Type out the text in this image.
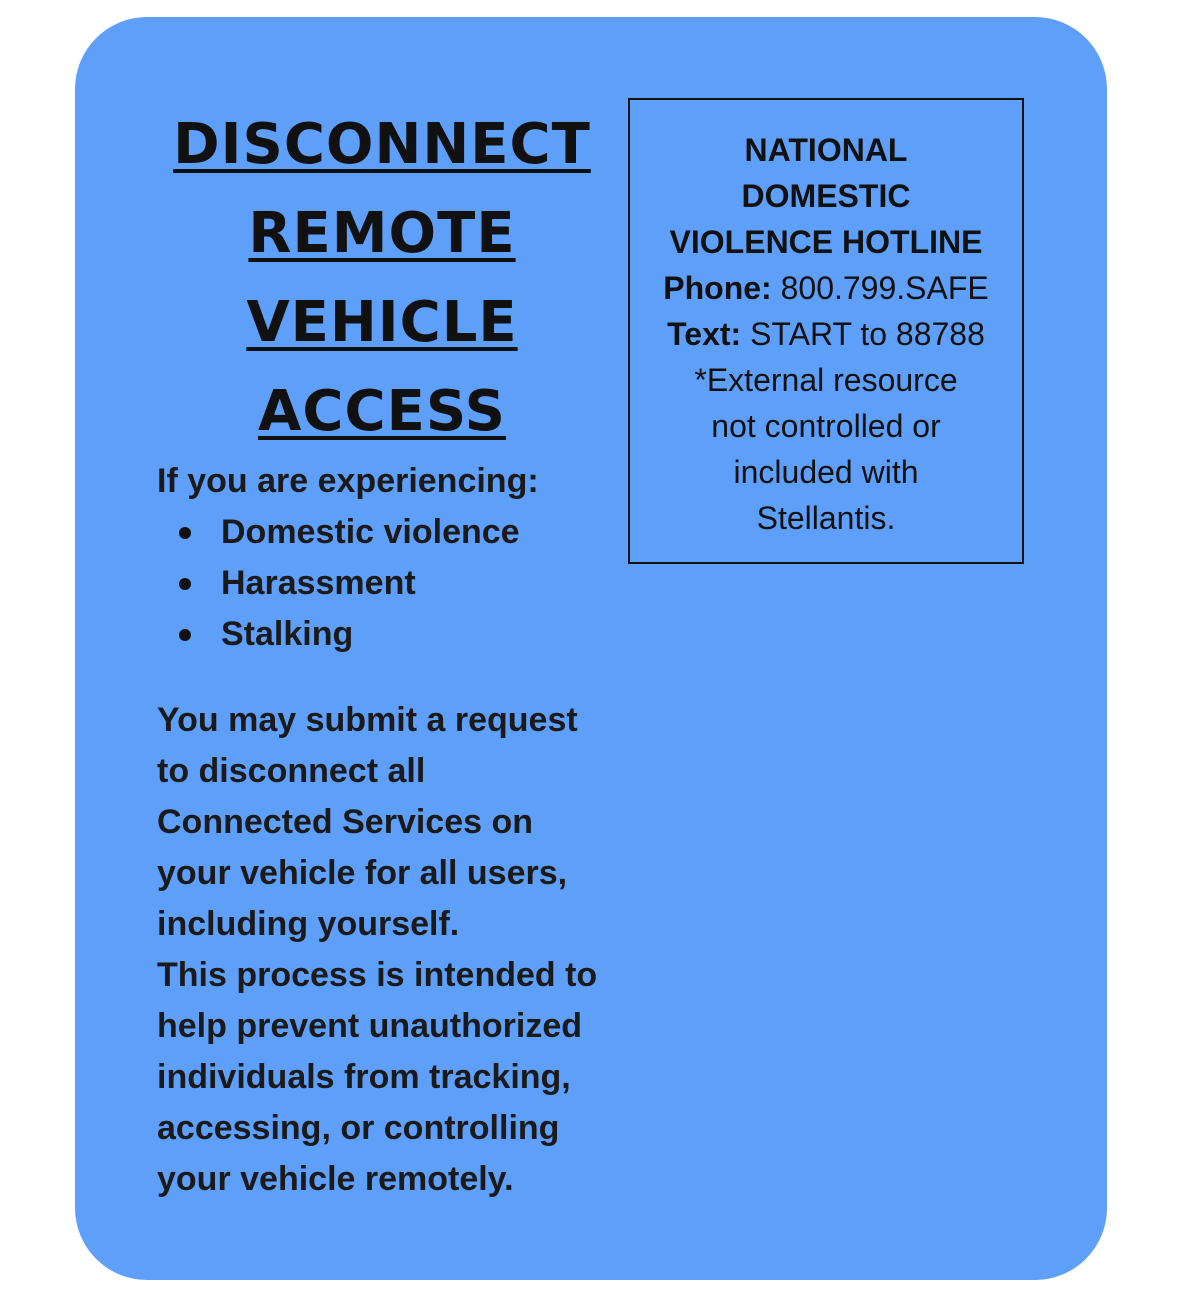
DISCONNECT
REMOTE
VEHICLE
ACCESS

If you are experiencing:

Domestic violence
Harassment
Stalking
You may submit a request
to disconnect all
Connected Services on
your vehicle for all users,
including yourself.
This process is intended to
help prevent unauthorized
individuals from tracking,
accessing, or controlling
your vehicle remotely.
NATIONAL
DOMESTIC
VIOLENCE HOTLINE
Phone: 800.799.SAFE
Text: START to 88788
*External resource
not controlled or
included with
Stellantis.
